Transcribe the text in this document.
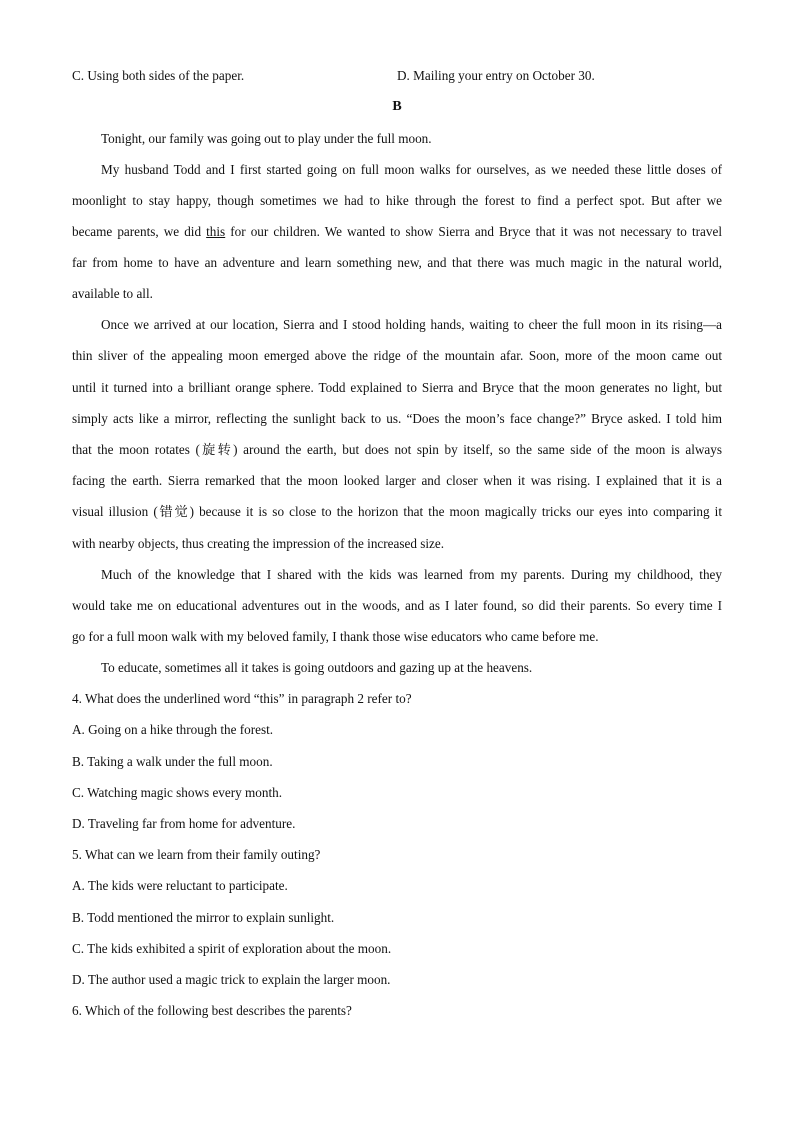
C. Using both sides of the paper.	D. Mailing your entry on October 30.
B
Tonight, our family was going out to play under the full moon.
My husband Todd and I first started going on full moon walks for ourselves, as we needed these little doses of
moonlight to stay happy, though sometimes we had to hike through the forest to find a perfect spot. But after we
became parents, we did this for our children. We wanted to show Sierra and Bryce that it was not necessary to travel
far from home to have an adventure and learn something new, and that there was much magic in the natural world,
available to all.
Once we arrived at our location, Sierra and I stood holding hands, waiting to cheer the full moon in its rising—a
thin sliver of the appealing moon emerged above the ridge of the mountain afar. Soon, more of the moon came out
until it turned into a brilliant orange sphere. Todd explained to Sierra and Bryce that the moon generates no light, but
simply acts like a mirror, reflecting the sunlight back to us. “Does the moon’s face change?” Bryce asked. I told him
that the moon rotates (旋转) around the earth, but does not spin by itself, so the same side of the moon is always
facing the earth. Sierra remarked that the moon looked larger and closer when it was rising. I explained that it is a
visual illusion (错觉) because it is so close to the horizon that the moon magically tricks our eyes into comparing it
with nearby objects, thus creating the impression of the increased size.
Much of the knowledge that I shared with the kids was learned from my parents. During my childhood, they
would take me on educational adventures out in the woods, and as I later found, so did their parents. So every time I
go for a full moon walk with my beloved family, I thank those wise educators who came before me.
To educate, sometimes all it takes is going outdoors and gazing up at the heavens.
4. What does the underlined word “this” in paragraph 2 refer to?
A. Going on a hike through the forest.
B. Taking a walk under the full moon.
C. Watching magic shows every month.
D. Traveling far from home for adventure.
5. What can we learn from their family outing?
A. The kids were reluctant to participate.
B. Todd mentioned the mirror to explain sunlight.
C. The kids exhibited a spirit of exploration about the moon.
D. The author used a magic trick to explain the larger moon.
6. Which of the following best describes the parents?
